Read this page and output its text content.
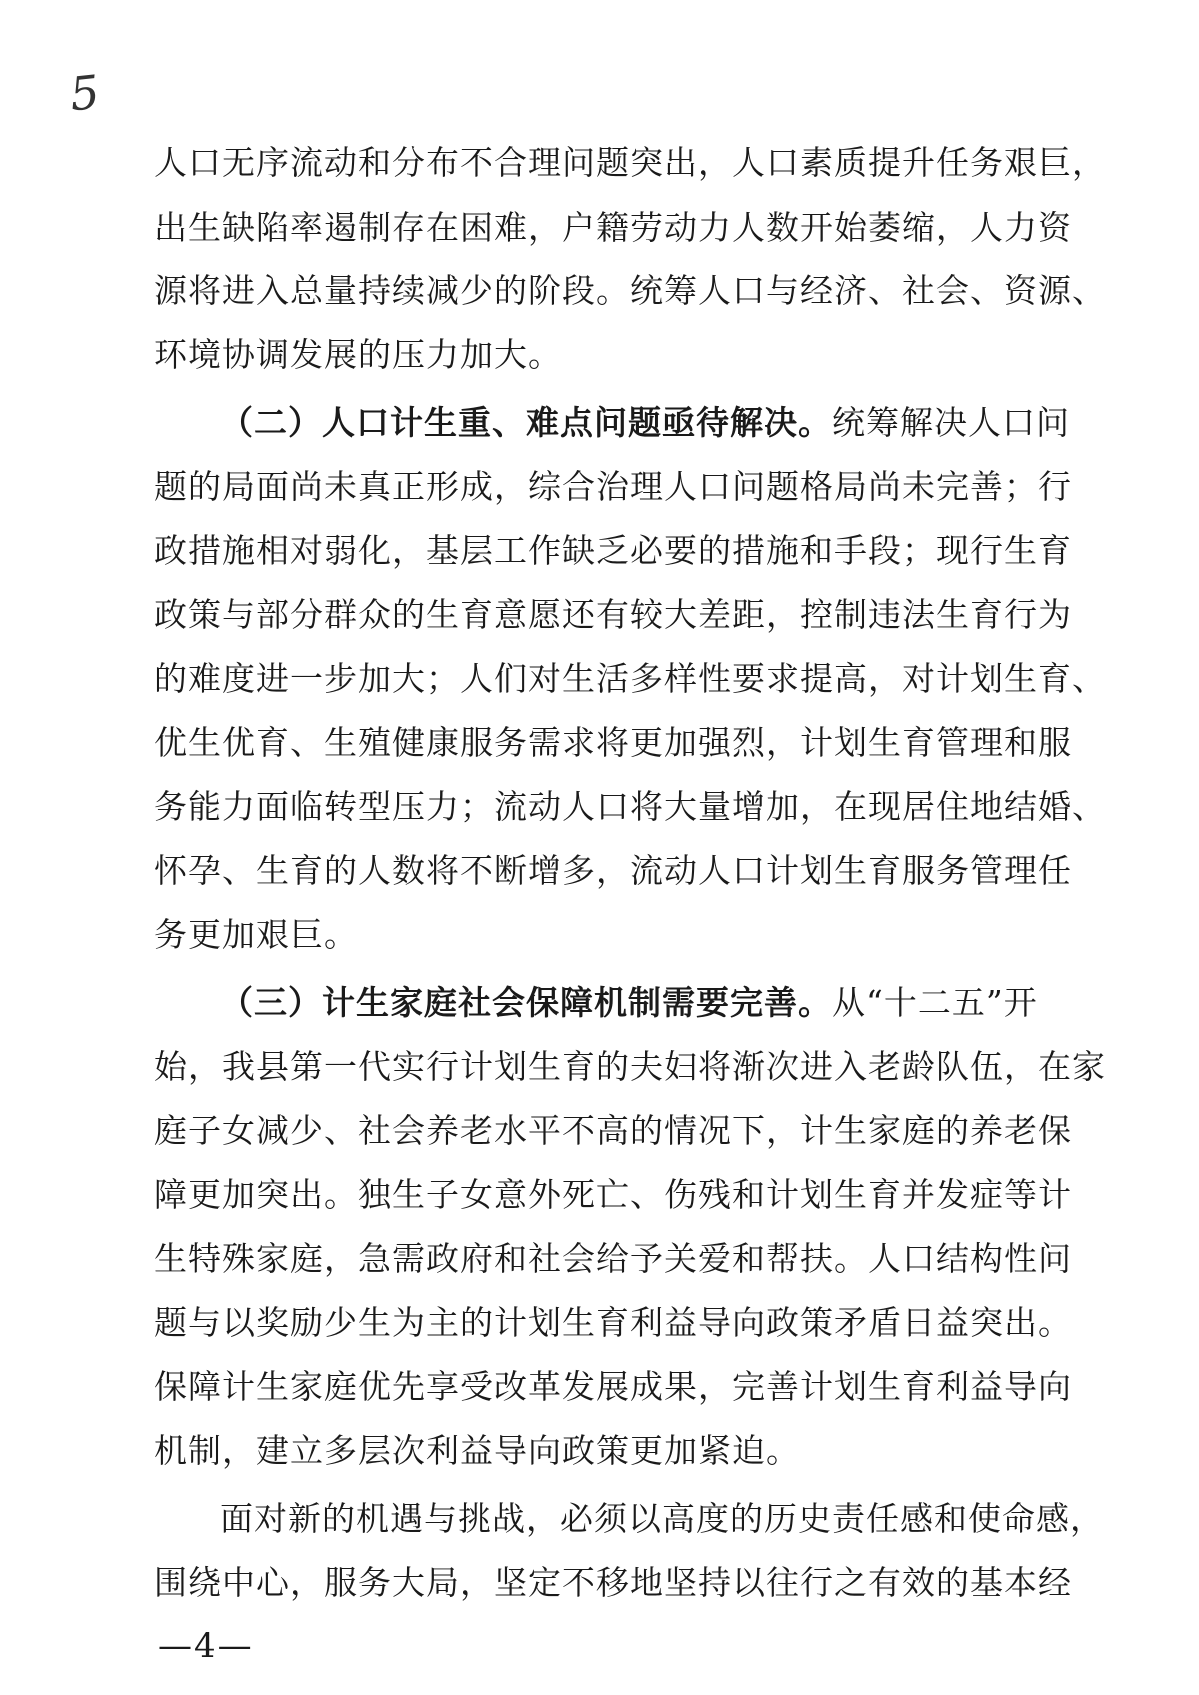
5
人口无序流动和分布不合理问题突出，人口素质提升任务艰巨，
出生缺陷率遏制存在困难，户籍劳动力人数开始萎缩，人力资
源将进入总量持续减少的阶段。统筹人口与经济、社会、资源、
环境协调发展的压力加大。
（二）人口计生重、难点问题亟待解决。统筹解决人口问
题的局面尚未真正形成，综合治理人口问题格局尚未完善；行
政措施相对弱化，基层工作缺乏必要的措施和手段；现行生育
政策与部分群众的生育意愿还有较大差距，控制违法生育行为
的难度进一步加大；人们对生活多样性要求提高，对计划生育、
优生优育、生殖健康服务需求将更加强烈，计划生育管理和服
务能力面临转型压力；流动人口将大量增加，在现居住地结婚、
怀孕、生育的人数将不断增多，流动人口计划生育服务管理任
务更加艰巨。
（三）计生家庭社会保障机制需要完善。从“十二五”开
始，我县第一代实行计划生育的夫妇将渐次进入老龄队伍，在家
庭子女减少、社会养老水平不高的情况下，计生家庭的养老保
障更加突出。独生子女意外死亡、伤残和计划生育并发症等计
生特殊家庭，急需政府和社会给予关爱和帮扶。人口结构性问
题与以奖励少生为主的计划生育利益导向政策矛盾日益突出。
保障计生家庭优先享受改革发展成果，完善计划生育利益导向
机制，建立多层次利益导向政策更加紧迫。
面对新的机遇与挑战，必须以高度的历史责任感和使命感，
围绕中心，服务大局，坚定不移地坚持以往行之有效的基本经
—4—
